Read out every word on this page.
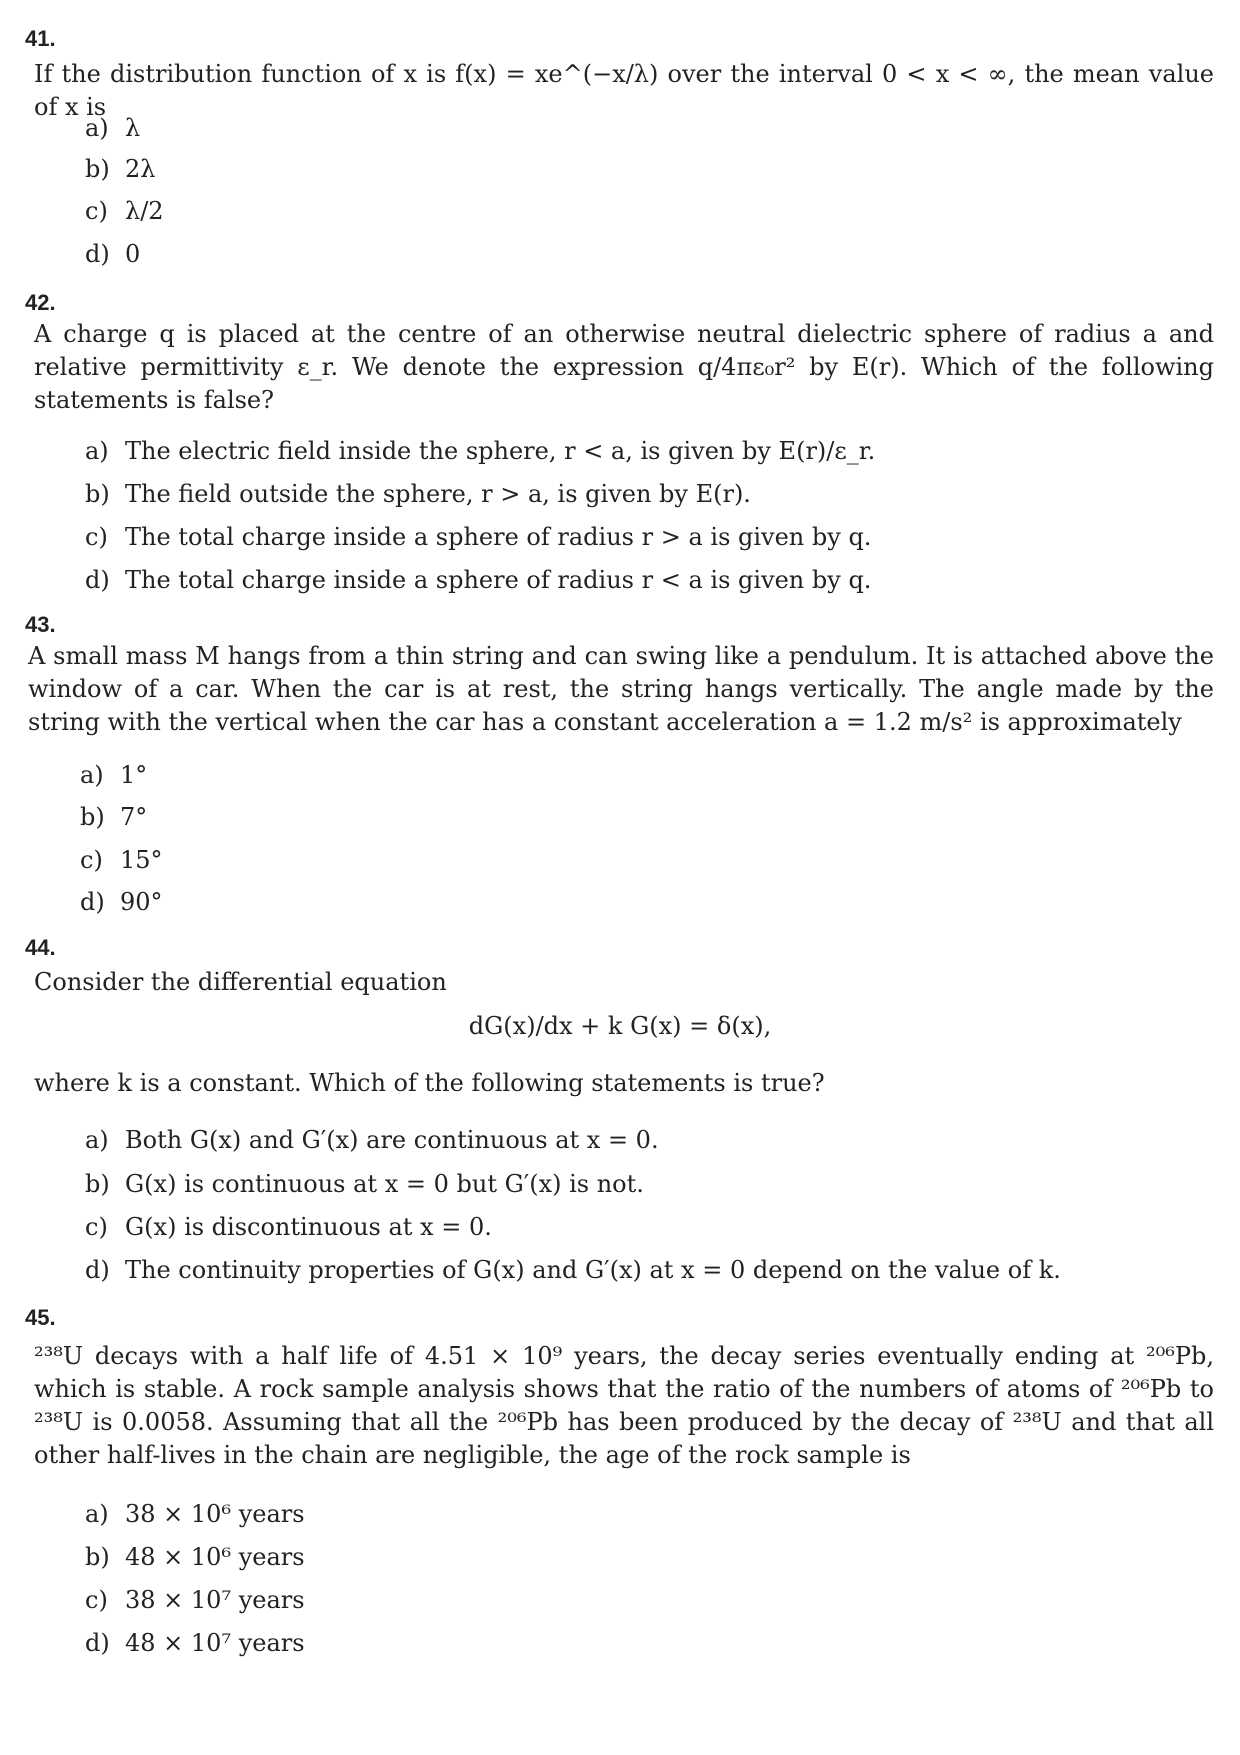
41.
If the distribution function of x is f(x) = xe^(−x/λ) over the interval 0 < x < ∞, the mean value of x is
a) λ
b) 2λ
c) λ/2
d) 0
42.
A charge q is placed at the centre of an otherwise neutral dielectric sphere of radius a and relative permittivity ε_r. We denote the expression q/4πε₀r² by E(r). Which of the following statements is false?
a) The electric field inside the sphere, r < a, is given by E(r)/ε_r.
b) The field outside the sphere, r > a, is given by E(r).
c) The total charge inside a sphere of radius r > a is given by q.
d) The total charge inside a sphere of radius r < a is given by q.
43.
A small mass M hangs from a thin string and can swing like a pendulum. It is attached above the window of a car. When the car is at rest, the string hangs vertically. The angle made by the string with the vertical when the car has a constant acceleration a = 1.2 m/s² is approximately
a) 1°
b) 7°
c) 15°
d) 90°
44.
Consider the differential equation
dG(x)/dx + k G(x) = δ(x),
where k is a constant. Which of the following statements is true?
a) Both G(x) and G′(x) are continuous at x = 0.
b) G(x) is continuous at x = 0 but G′(x) is not.
c) G(x) is discontinuous at x = 0.
d) The continuity properties of G(x) and G′(x) at x = 0 depend on the value of k.
45.
²³⁸U decays with a half life of 4.51 × 10⁹ years, the decay series eventually ending at ²⁰⁶Pb, which is stable. A rock sample analysis shows that the ratio of the numbers of atoms of ²⁰⁶Pb to ²³⁸U is 0.0058. Assuming that all the ²⁰⁶Pb has been produced by the decay of ²³⁸U and that all other half-lives in the chain are negligible, the age of the rock sample is
a) 38 × 10⁶ years
b) 48 × 10⁶ years
c) 38 × 10⁷ years
d) 48 × 10⁷ years
